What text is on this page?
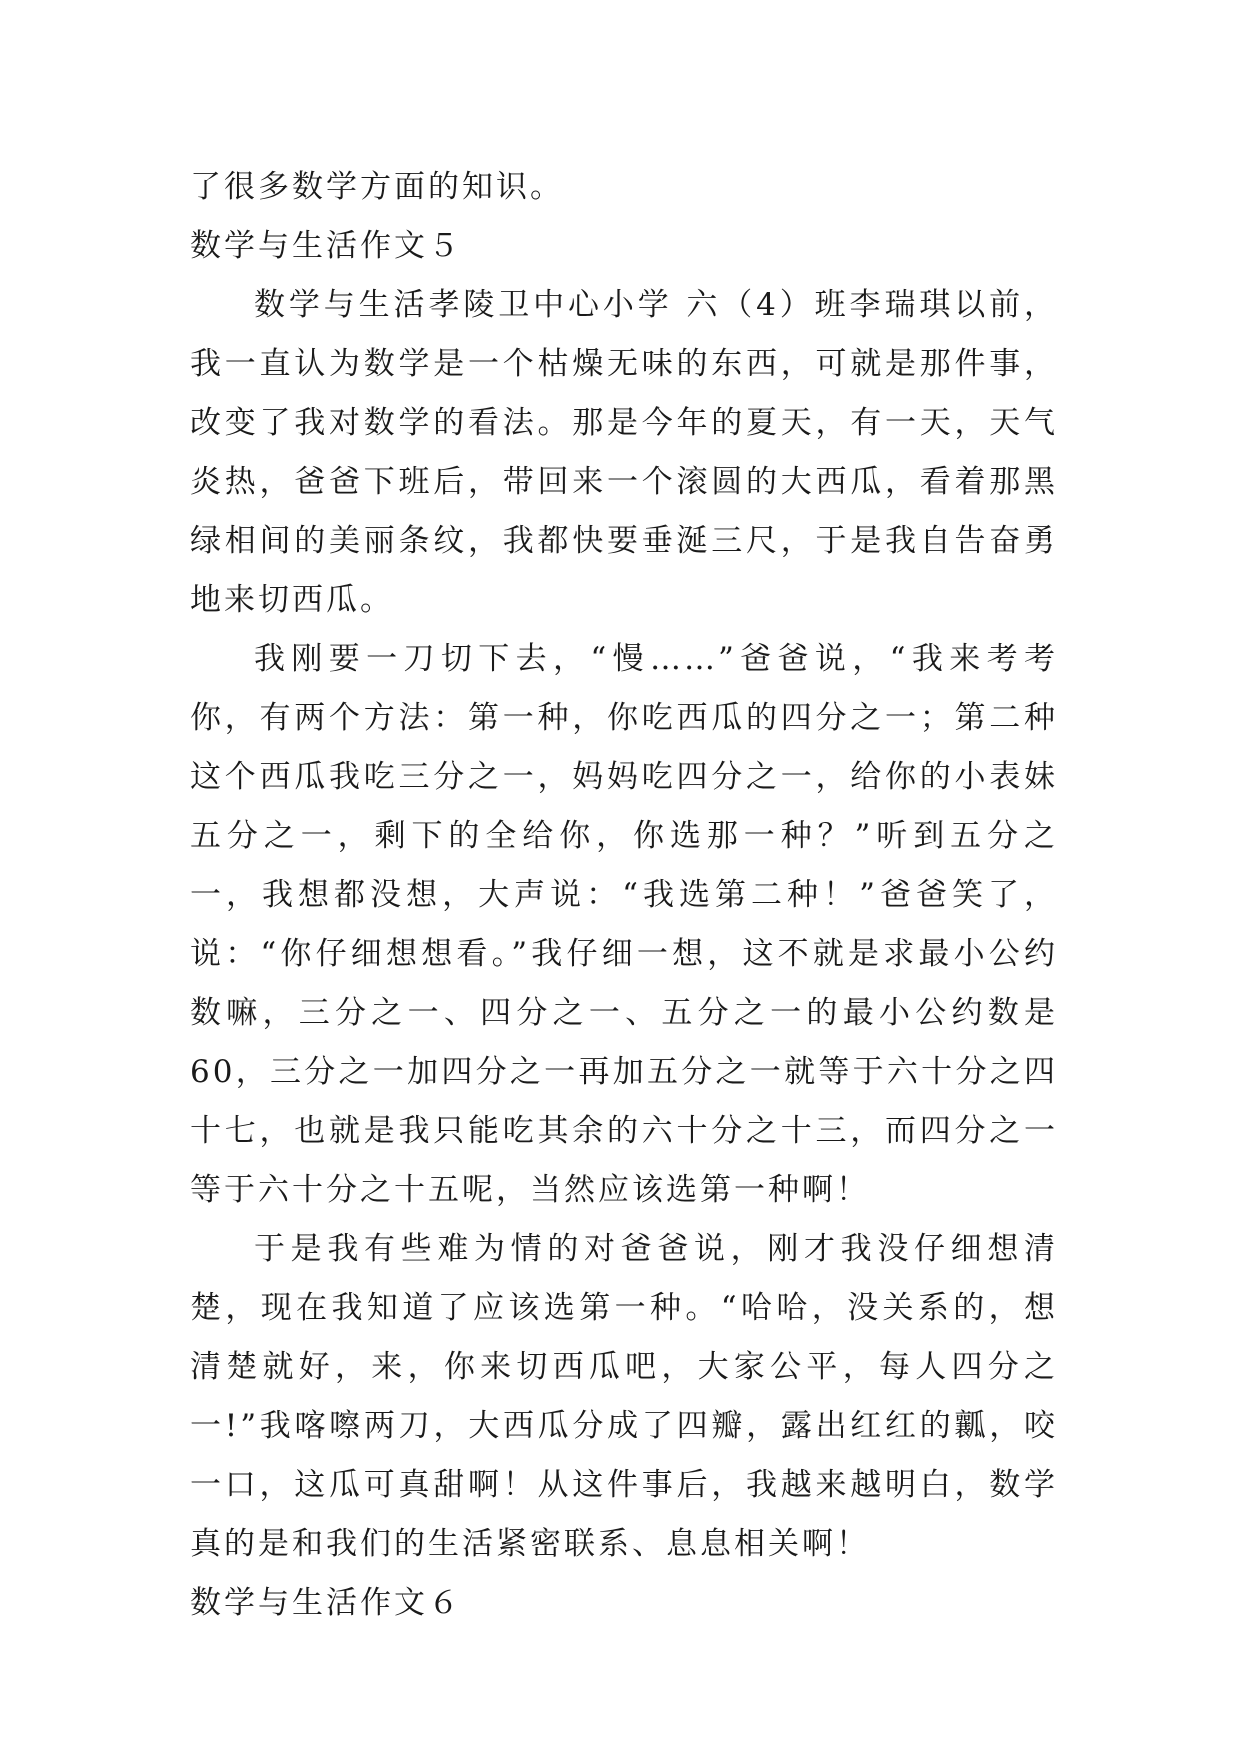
了很多数学方面的知识。

数学与生活作文５

数学与生活孝陵卫中心小学 六（4）班李瑞琪以前，我一直认为数学是一个枯燥无味的东西，可就是那件事，改变了我对数学的看法。那是今年的夏天，有一天，天气炎热，爸爸下班后，带回来一个滚圆的大西瓜，看着那黑绿相间的美丽条纹，我都快要垂涎三尺，于是我自告奋勇地来切西瓜。

我刚要一刀切下去，“慢……”爸爸说，“我来考考你，有两个方法：第一种，你吃西瓜的四分之一；第二种这个西瓜我吃三分之一，妈妈吃四分之一，给你的小表妹五分之一，剩下的全给你，你选那一种？”听到五分之一，我想都没想，大声说：“我选第二种！”爸爸笑了，说：“你仔细想想看。”我仔细一想，这不就是求最小公约数嘛，三分之一、四分之一、五分之一的最小公约数是60，三分之一加四分之一再加五分之一就等于六十分之四十七，也就是我只能吃其余的六十分之十三，而四分之一等于六十分之十五呢，当然应该选第一种啊！

于是我有些难为情的对爸爸说，刚才我没仔细想清楚，现在我知道了应该选第一种。“哈哈，没关系的，想清楚就好，来，你来切西瓜吧，大家公平，每人四分之一!”我喀嚓两刀，大西瓜分成了四瓣，露出红红的瓤，咬一口，这瓜可真甜啊！从这件事后，我越来越明白，数学真的是和我们的生活紧密联系、息息相关啊！

数学与生活作文６
